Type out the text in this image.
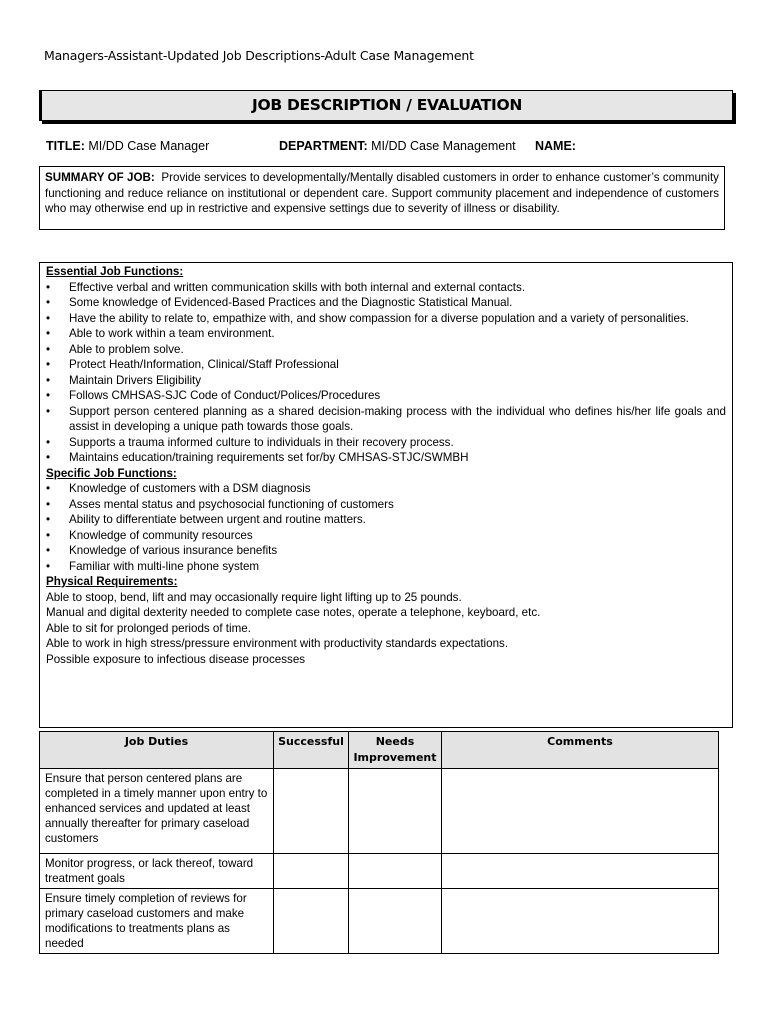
Managers-Assistant-Updated Job Descriptions-Adult Case Management
JOB DESCRIPTION / EVALUATION
TITLE: MI/DD Case Manager	DEPARTMENT: MI/DD Case Management NAME:
SUMMARY OF JOB: Provide services to developmentally/Mentally disabled customers in order to enhance customer’s community functioning and reduce reliance on institutional or dependent care. Support community placement and independence of customers who may otherwise end up in restrictive and expensive settings due to severity of illness or disability.
Essential Job Functions:
• Effective verbal and written communication skills with both internal and external contacts.
• Some knowledge of Evidenced-Based Practices and the Diagnostic Statistical Manual.
• Have the ability to relate to, empathize with, and show compassion for a diverse population and a variety of personalities.
• Able to work within a team environment.
• Able to problem solve.
• Protect Heath/Information, Clinical/Staff Professional
• Maintain Drivers Eligibility
• Follows CMHSAS-SJC Code of Conduct/Polices/Procedures
• Support person centered planning as a shared decision-making process with the individual who defines his/her life goals and assist in developing a unique path towards those goals.
• Supports a trauma informed culture to individuals in their recovery process.
• Maintains education/training requirements set for/by CMHSAS-STJC/SWMBH
Specific Job Functions:
• Knowledge of customers with a DSM diagnosis
• Asses mental status and psychosocial functioning of customers
• Ability to differentiate between urgent and routine matters.
• Knowledge of community resources
• Knowledge of various insurance benefits
• Familiar with multi-line phone system
Physical Requirements:
Able to stoop, bend, lift and may occasionally require light lifting up to 25 pounds.
Manual and digital dexterity needed to complete case notes, operate a telephone, keyboard, etc.
Able to sit for prolonged periods of time.
Able to work in high stress/pressure environment with productivity standards expectations.
Possible exposure to infectious disease processes
Job Duties	Successful	Needs Improvement	Comments
Ensure that person centered plans are completed in a timely manner upon entry to enhanced services and updated at least annually thereafter for primary caseload customers			
Monitor progress, or lack thereof, toward treatment goals			
Ensure timely completion of reviews for primary caseload customers and make modifications to treatments plans as needed			
